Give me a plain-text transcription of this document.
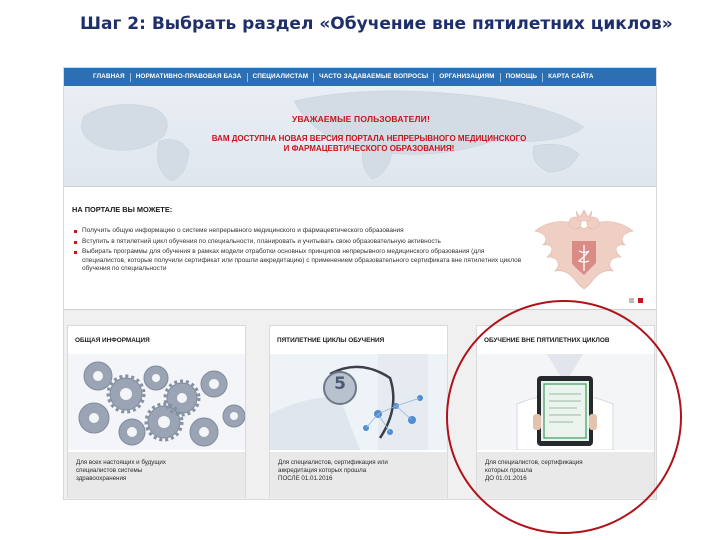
Шаг 2: Выбрать раздел «Обучение вне пятилетних циклов»
ГЛАВНАЯ	НОРМАТИВНО-ПРАВОВАЯ БАЗА	СПЕЦИАЛИСТАМ	ЧАСТО ЗАДАВАЕМЫЕ ВОПРОСЫ	ОРГАНИЗАЦИЯМ	ПОМОЩЬ	КАРТА САЙТА
УВАЖАЕМЫЕ ПОЛЬЗОВАТЕЛИ!
ВАМ ДОСТУПНА НОВАЯ ВЕРСИЯ ПОРТАЛА НЕПРЕРЫВНОГО МЕДИЦИНСКОГО
И ФАРМАЦЕВТИЧЕСКОГО ОБРАЗОВАНИЯ!
НА ПОРТАЛЕ ВЫ МОЖЕТЕ:
Получить общую информацию о системе непрерывного медицинского и фармацевтического образования
Вступить в пятилетний цикл обучения по специальности, планировать и учитывать свою образовательную активность
Выбирать программы для обучения в рамках модели отработки основных принципов непрерывного медицинского образования (для специалистов, которые получили сертификат или прошли аккредитацию) с применением образовательного сертификата вне пятилетних циклов обучения по специальности
ОБЩАЯ ИНФОРМАЦИЯ
Для всех настоящих и будущих
специалистов системы
здравоохранения
ПЯТИЛЕТНИЕ ЦИКЛЫ ОБУЧЕНИЯ
5
Для специалистов, сертификация или
аккредитация которых прошла
ПОСЛЕ 01.01.2016
ОБУЧЕНИЕ ВНЕ ПЯТИЛЕТНИХ ЦИКЛОВ
Для специалистов, сертификация
которых прошла
ДО 01.01.2016
